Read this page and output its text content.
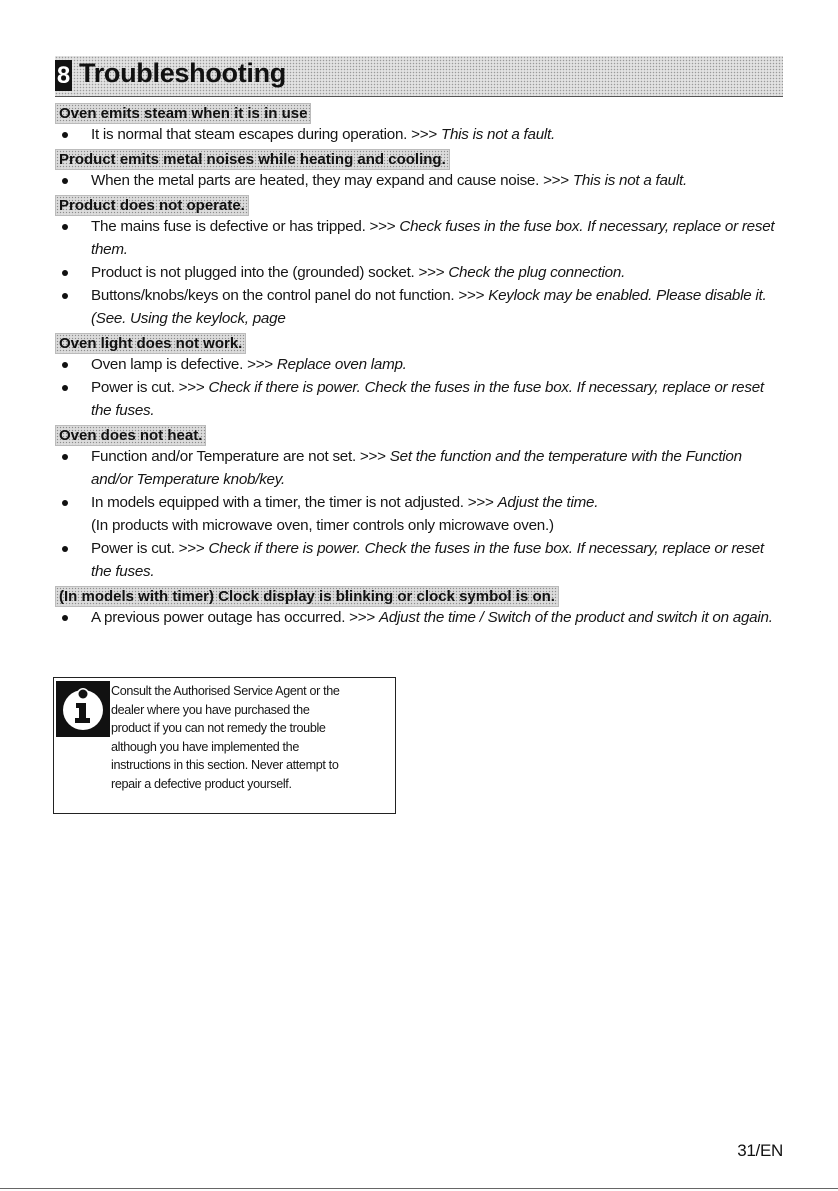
8 Troubleshooting
Oven emits steam when it is in use
It is normal that steam escapes during operation. >>> This is not a fault.
Product emits metal noises while heating and cooling.
When the metal parts are heated, they may expand and cause noise. >>> This is not a fault.
Product does not operate.
The mains fuse is defective or has tripped. >>> Check fuses in the fuse box. If necessary, replace or reset them.
Product is not plugged into the (grounded) socket. >>> Check the plug connection.
Buttons/knobs/keys on the control panel do not function. >>> Keylock may be enabled. Please disable it. (See. Using the keylock, page
Oven light does not work.
Oven lamp is defective. >>> Replace oven lamp.
Power is cut. >>> Check if there is power. Check the fuses in the fuse box. If necessary, replace or reset the fuses.
Oven does not heat.
Function and/or Temperature are not set. >>> Set the function and the temperature with the Function and/or Temperature knob/key.
In models equipped with a timer, the timer is not adjusted. >>> Adjust the time.
(In products with microwave oven, timer controls only microwave oven.)
Power is cut. >>> Check if there is power. Check the fuses in the fuse box. If necessary, replace or reset the fuses.
(In models with timer) Clock display is blinking or clock symbol is on.
A previous power outage has occurred. >>> Adjust the time / Switch of the product and switch it on again.
Consult the Authorised Service Agent or the
dealer where you have purchased the
product if you can not remedy the trouble
although you have implemented the
instructions in this section. Never attempt to
repair a defective product yourself.
31/EN
